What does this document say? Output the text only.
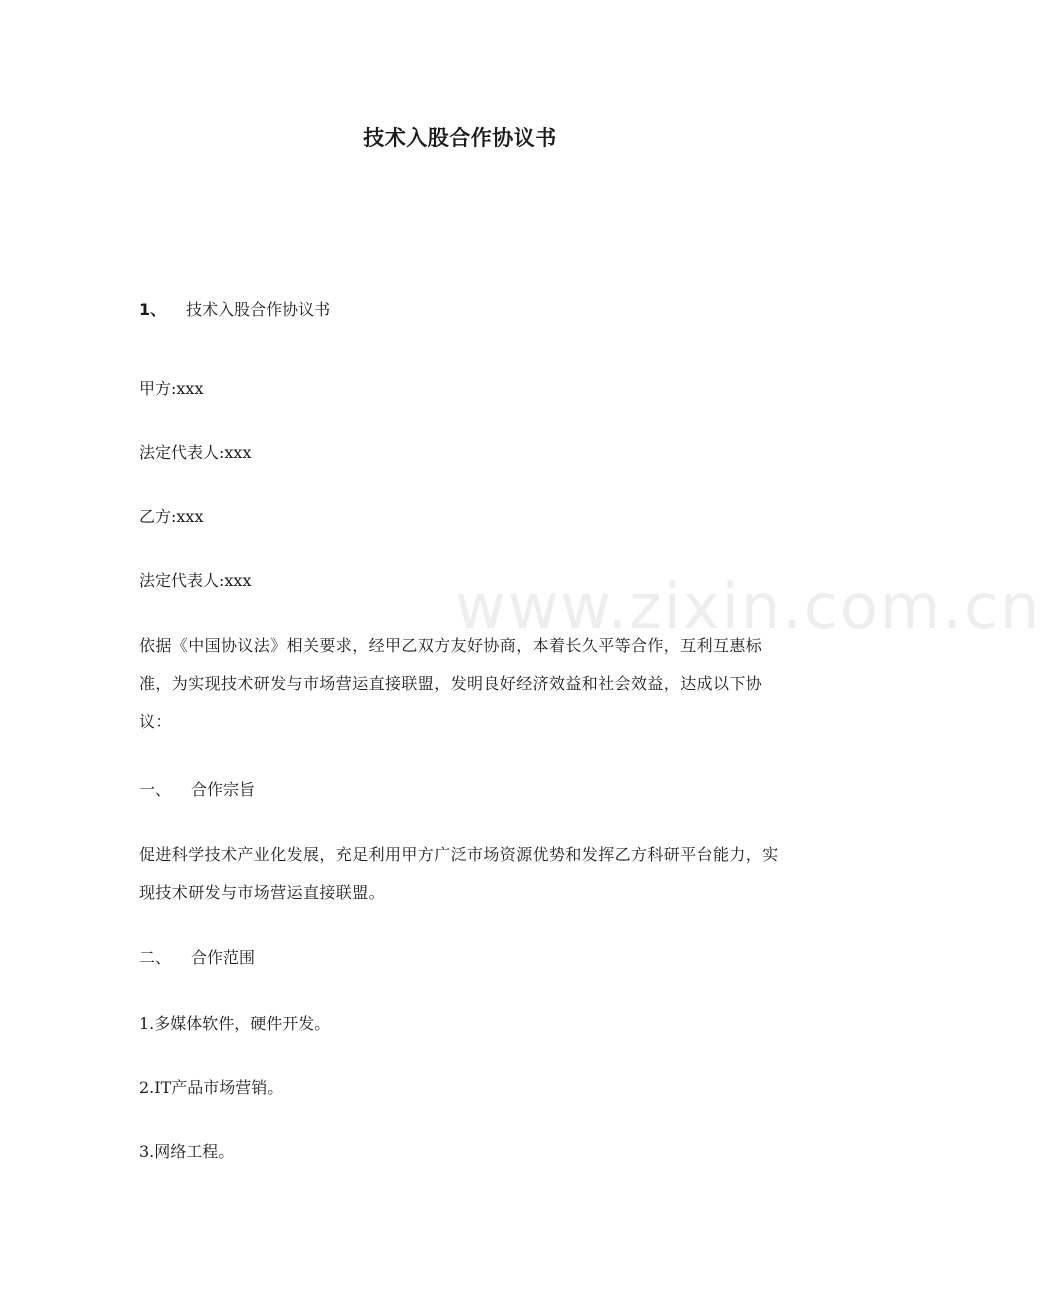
www.zixin.com.cn
技术入股合作协议书

1、 技术入股合作协议书

甲方:xxx

法定代表人:xxx

乙方:xxx

法定代表人:xxx

依据《中国协议法》相关要求，经甲乙双方友好协商，本着长久平等合作，互利互惠标准，为实现技术研发与市场营运直接联盟，发明良好经济效益和社会效益，达成以下协议：

一、 合作宗旨

促进科学技术产业化发展，充足利用甲方广泛市场资源优势和发挥乙方科研平台能力，实现技术研发与市场营运直接联盟。

二、 合作范围

1.多媒体软件，硬件开发。

2.IT产品市场营销。

3.网络工程。
